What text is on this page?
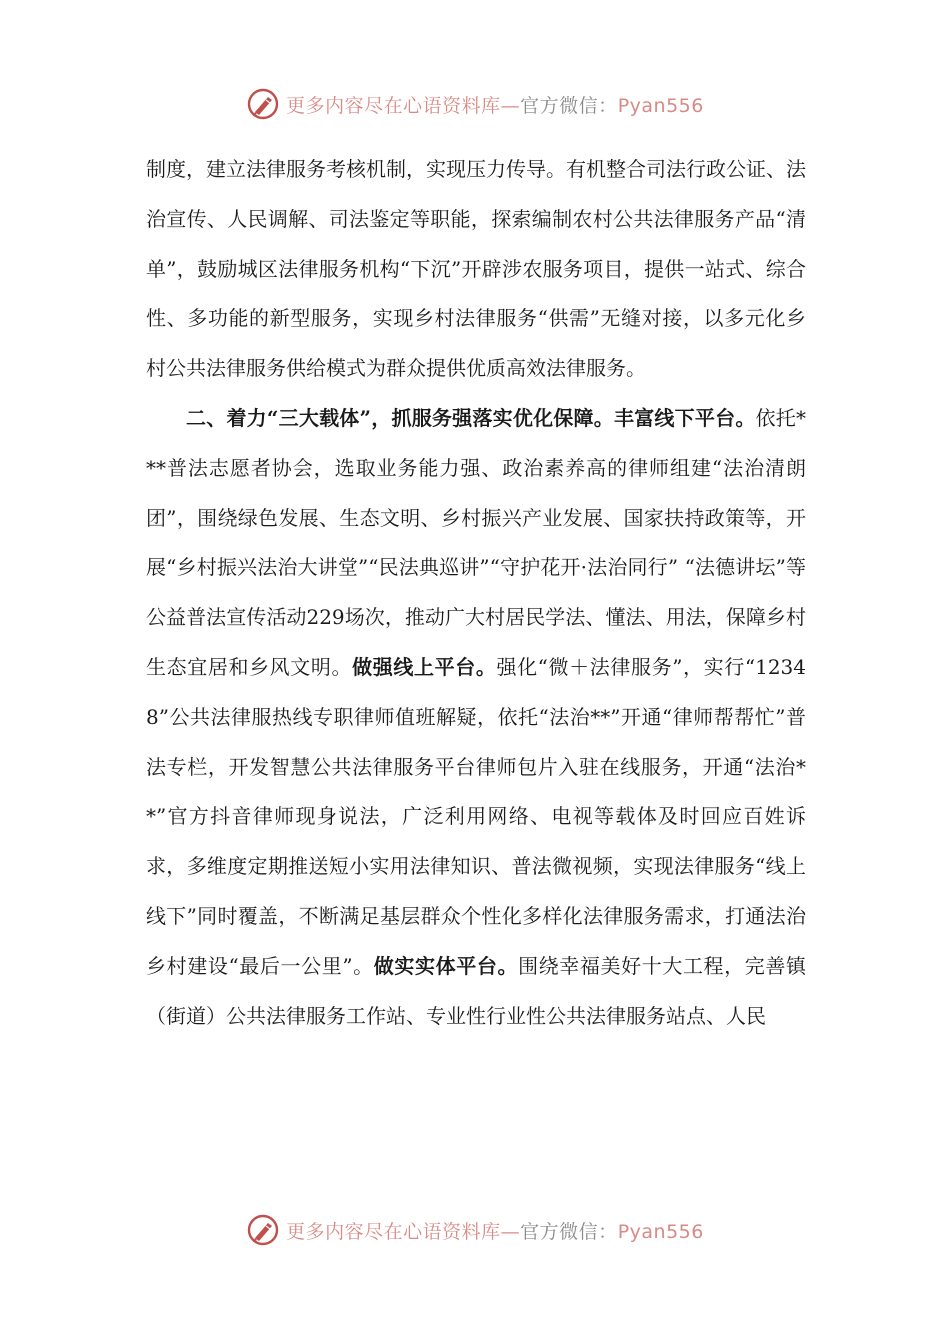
更多内容尽在心语资料库—官方微信：Pyan556

制度，建立法律服务考核机制，实现压力传导。有机整合司法行政公证、法治宣传、人民调解、司法鉴定等职能，探索编制农村公共法律服务产品“清单”，鼓励城区法律服务机构“下沉”开辟涉农服务项目，提供一站式、综合性、多功能的新型服务，实现乡村法律服务“供需”无缝对接，以多元化乡村公共法律服务供给模式为群众提供优质高效法律服务。

二、着力“三大载体”，抓服务强落实优化保障。丰富线下平台。依托***普法志愿者协会，选取业务能力强、政治素养高的律师组建“法治清朗团”，围绕绿色发展、生态文明、乡村振兴产业发展、国家扶持政策等，开展“乡村振兴法治大讲堂”“民法典巡讲”“守护花开·法治同行” “法德讲坛”等公益普法宣传活动229场次，推动广大村居民学法、懂法、用法，保障乡村生态宜居和乡风文明。做强线上平台。强化“微＋法律服务”，实行“12348”公共法律服热线专职律师值班解疑，依托“法治**”开通“律师帮帮忙”普法专栏，开发智慧公共法律服务平台律师包片入驻在线服务，开通“法治**”官方抖音律师现身说法，广泛利用网络、电视等载体及时回应百姓诉求，多维度定期推送短小实用法律知识、普法微视频，实现法律服务“线上线下”同时覆盖，不断满足基层群众个性化多样化法律服务需求，打通法治乡村建设“最后一公里”。做实实体平台。围绕幸福美好十大工程，完善镇（街道）公共法律服务工作站、专业性行业性公共法律服务站点、人民

更多内容尽在心语资料库—官方微信：Pyan556
